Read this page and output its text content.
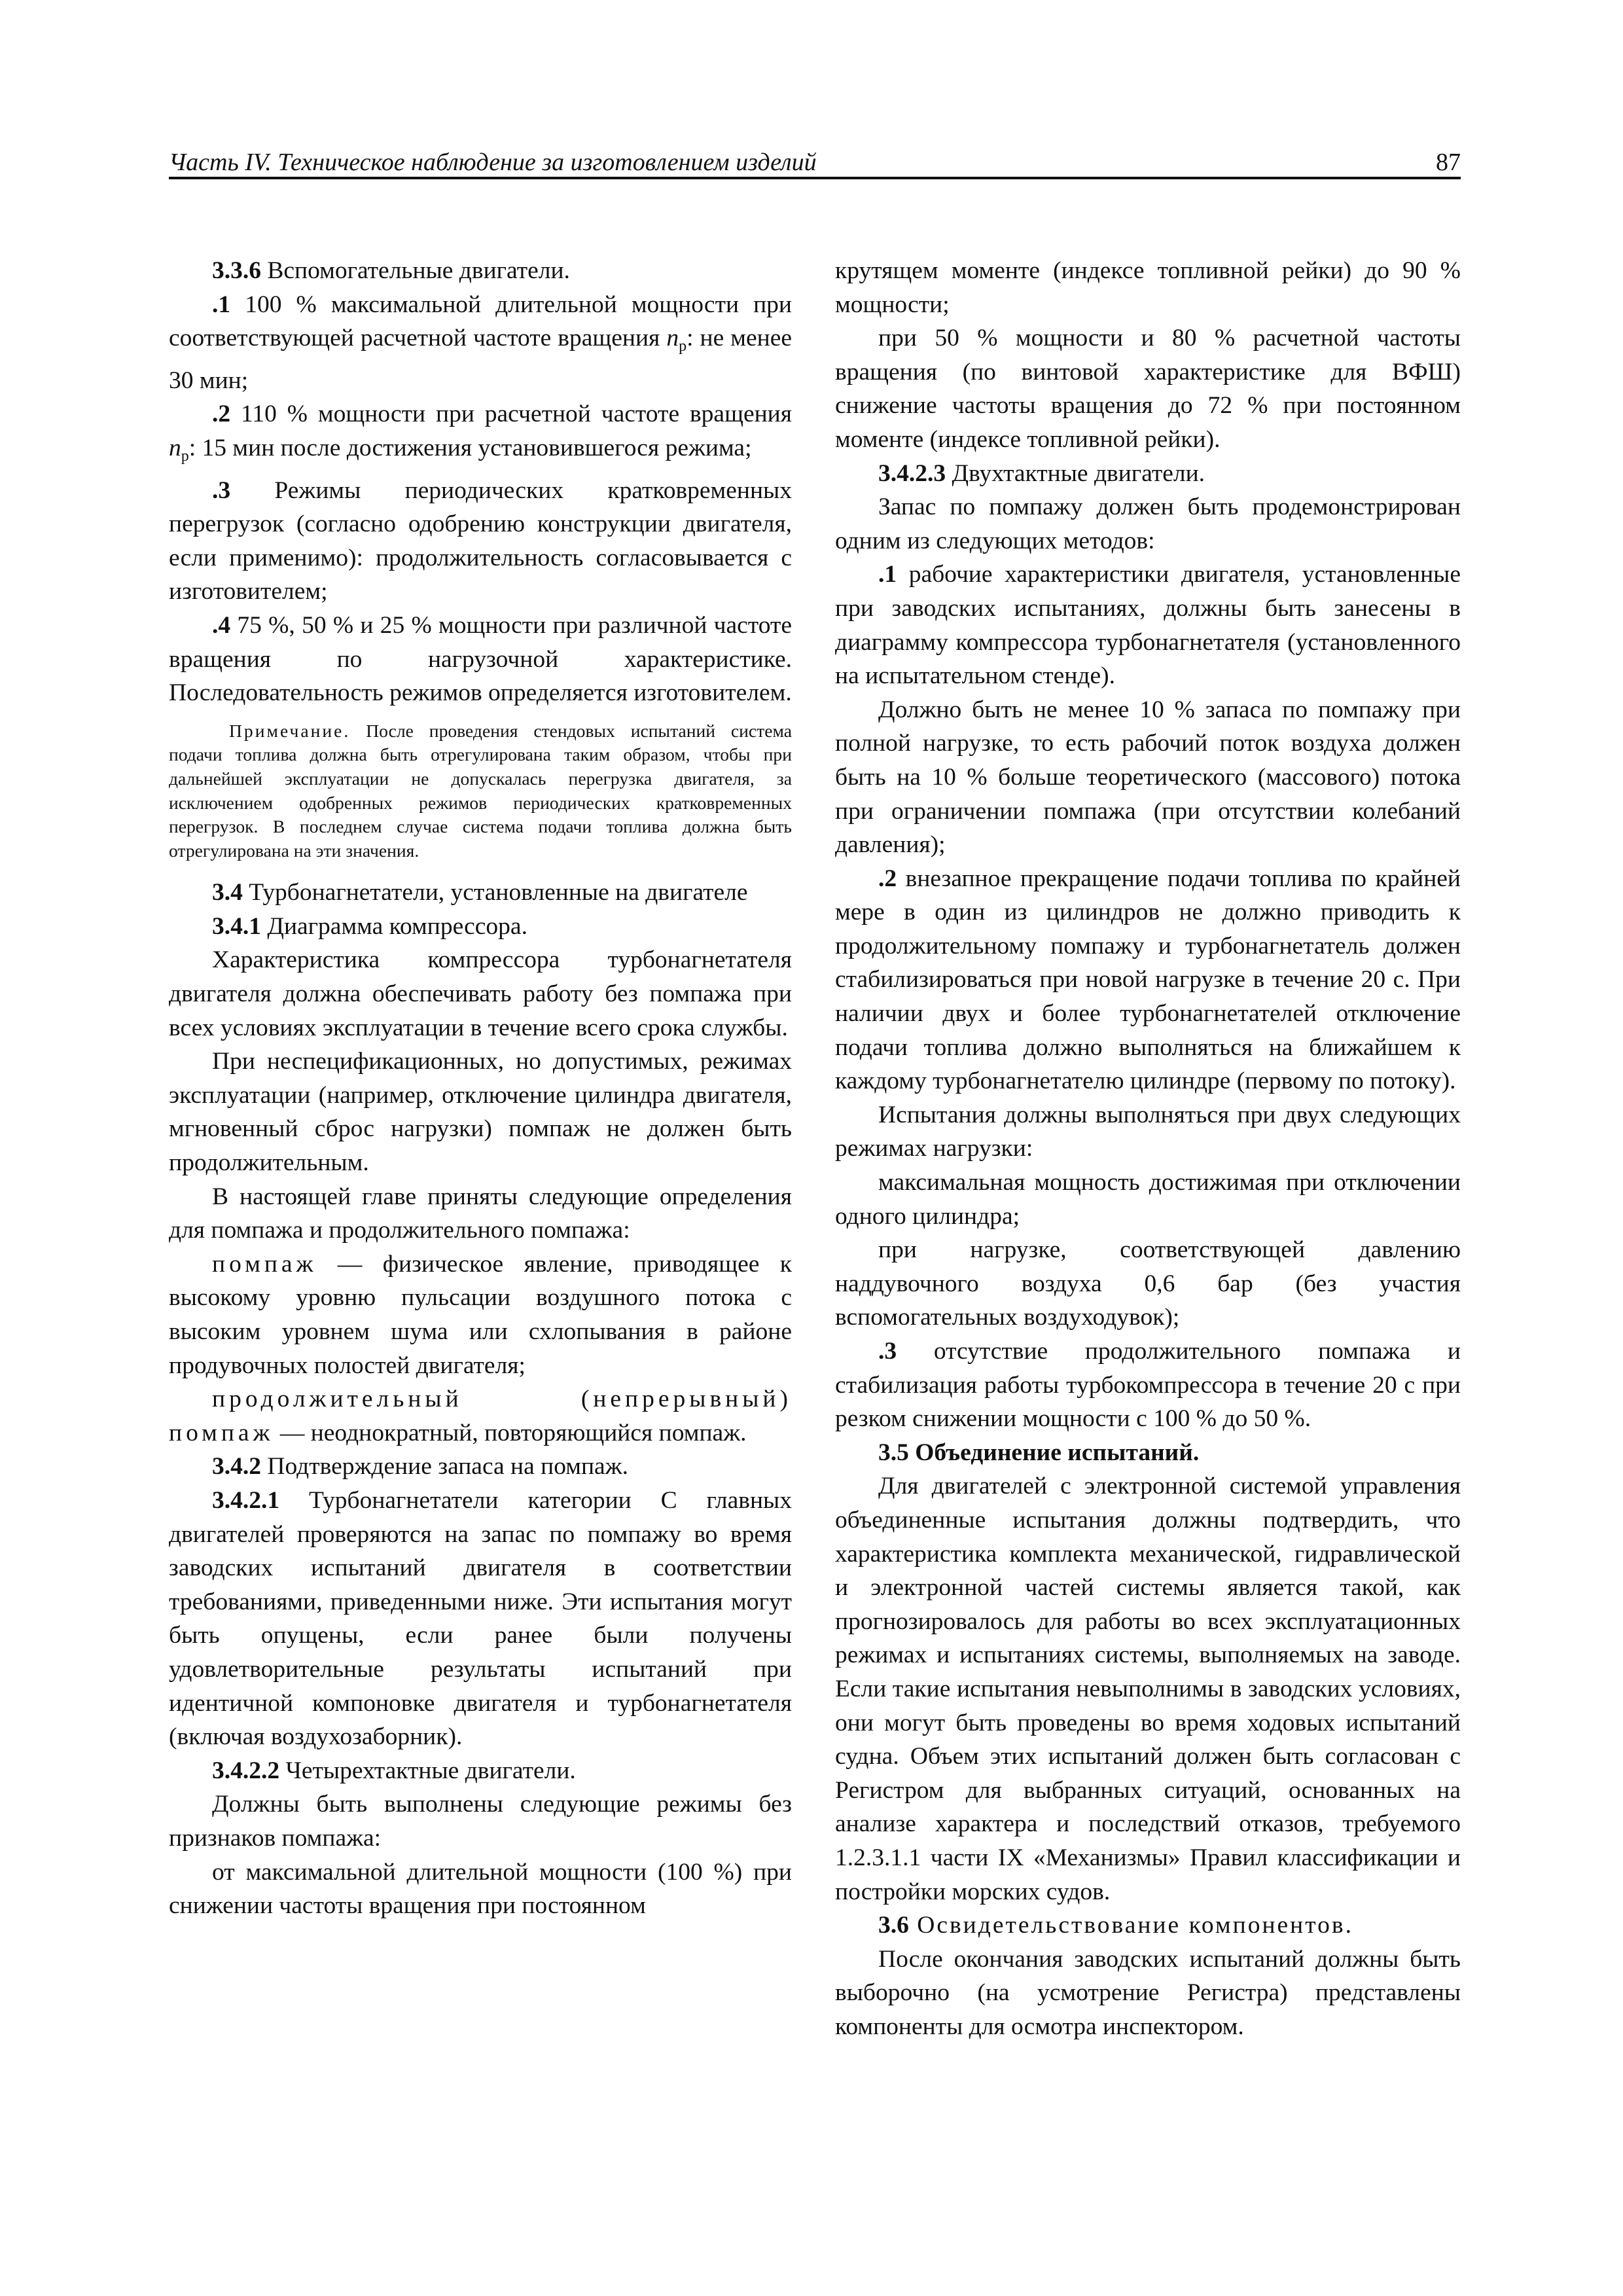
Часть IV. Техническое наблюдение за изготовлением изделий	87

3.3.6 Вспомогательные двигатели.

.1 100 % максимальной длительной мощности при соответствующей расчетной частоте вращения $n_р$: не менее 30 мин;

.2 110 % мощности при расчетной частоте вращения $n_р$: 15 мин после достижения установившегося режима;

.3 Режимы периодических кратковременных перегрузок (согласно одобрению конструкции двигателя, если применимо): продолжительность согласовывается с изготовителем;

.4 75 %, 50 % и 25 % мощности при различной частоте вращения по нагрузочной характеристике. Последовательность режимов определяется изготовителем.

Примечание. После проведения стендовых испытаний система подачи топлива должна быть отрегулирована таким образом, чтобы при дальнейшей эксплуатации не допускалась перегрузка двигателя, за исключением одобренных режимов периодических кратковременных перегрузок. В последнем случае система подачи топлива должна быть отрегулирована на эти значения.

3.4 Турбонагнетатели, установленные на двигателе

3.4.1 Диаграмма компрессора.

Характеристика компрессора турбонагнетателя двигателя должна обеспечивать работу без помпажа при всех условиях эксплуатации в течение всего срока службы.

При неспецификационных, но допустимых, режимах эксплуатации (например, отключение цилиндра двигателя, мгновенный сброс нагрузки) помпаж не должен быть продолжительным.

В настоящей главе приняты следующие определения для помпажа и продолжительного помпажа:

помпаж — физическое явление, приводящее к высокому уровню пульсации воздушного потока с высоким уровнем шума или схлопывания в районе продувочных полостей двигателя;

продолжительный (непрерывный) помпаж — неоднократный, повторяющийся помпаж.

3.4.2 Подтверждение запаса на помпаж.

3.4.2.1 Турбонагнетатели категории C главных двигателей проверяются на запас по помпажу во время заводских испытаний двигателя в соответствии требованиями, приведенными ниже. Эти испытания могут быть опущены, если ранее были получены удовлетворительные результаты испытаний при идентичной компоновке двигателя и турбонагнетателя (включая воздухозаборник).

3.4.2.2 Четырехтактные двигатели.

Должны быть выполнены следующие режимы без признаков помпажа:

от максимальной длительной мощности (100 %) при снижении частоты вращения при постоянном

крутящем моменте (индексе топливной рейки) до 90 % мощности;

при 50 % мощности и 80 % расчетной частоты вращения (по винтовой характеристике для ВФШ) снижение частоты вращения до 72 % при постоянном моменте (индексе топливной рейки).

3.4.2.3 Двухтактные двигатели.

Запас по помпажу должен быть продемонстрирован одним из следующих методов:

.1 рабочие характеристики двигателя, установленные при заводских испытаниях, должны быть занесены в диаграмму компрессора турбонагнетателя (установленного на испытательном стенде).

Должно быть не менее 10 % запаса по помпажу при полной нагрузке, то есть рабочий поток воздуха должен быть на 10 % больше теоретического (массового) потока при ограничении помпажа (при отсутствии колебаний давления);

.2 внезапное прекращение подачи топлива по крайней мере в один из цилиндров не должно приводить к продолжительному помпажу и турбонагнетатель должен стабилизироваться при новой нагрузке в течение 20 с. При наличии двух и более турбонагнетателей отключение подачи топлива должно выполняться на ближайшем к каждому турбонагнетателю цилиндре (первому по потоку).

Испытания должны выполняться при двух следующих режимах нагрузки:

максимальная мощность достижимая при отключении одного цилиндра;

при нагрузке, соответствующей давлению наддувочного воздуха 0,6 бар (без участия вспомогательных воздуходувок);

.3 отсутствие продолжительного помпажа и стабилизация работы турбокомпрессора в течение 20 с при резком снижении мощности с 100 % до 50 %.

3.5 Объединение испытаний.

Для двигателей с электронной системой управления объединенные испытания должны подтвердить, что характеристика комплекта механической, гидравлической и электронной частей системы является такой, как прогнозировалось для работы во всех эксплуатационных режимах и испытаниях системы, выполняемых на заводе. Если такие испытания невыполнимы в заводских условиях, они могут быть проведены во время ходовых испытаний судна. Объем этих испытаний должен быть согласован с Регистром для выбранных ситуаций, основанных на анализе характера и последствий отказов, требуемого 1.2.3.1.1 части IX «Механизмы» Правил классификации и постройки морских судов.

3.6 Освидетельствование компонентов.

После окончания заводских испытаний должны быть выборочно (на усмотрение Регистра) представлены компоненты для осмотра инспектором.
